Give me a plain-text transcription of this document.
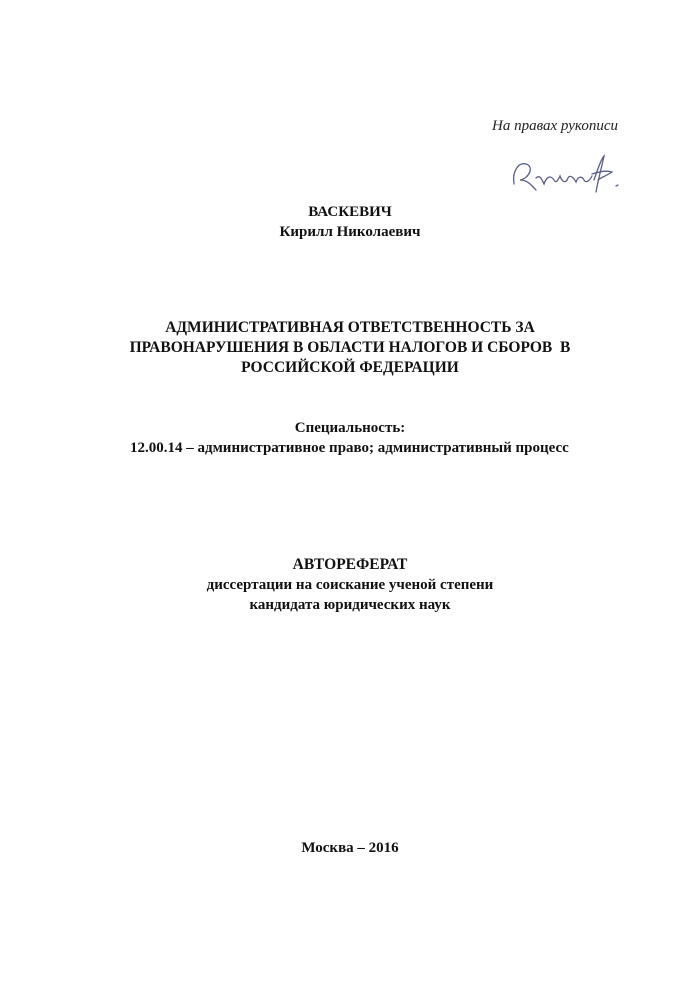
На правах рукописи
ВАСКЕВИЧ
Кирилл Николаевич
АДМИНИСТРАТИВНАЯ ОТВЕТСТВЕННОСТЬ ЗА
ПРАВОНАРУШЕНИЯ В ОБЛАСТИ НАЛОГОВ И СБОРОВ  В
РОССИЙСКОЙ ФЕДЕРАЦИИ
Специальность:
12.00.14 – административное право; административный процесс
АВТОРЕФЕРАТ
диссертации на соискание ученой степени
кандидата юридических наук
Москва – 2016
